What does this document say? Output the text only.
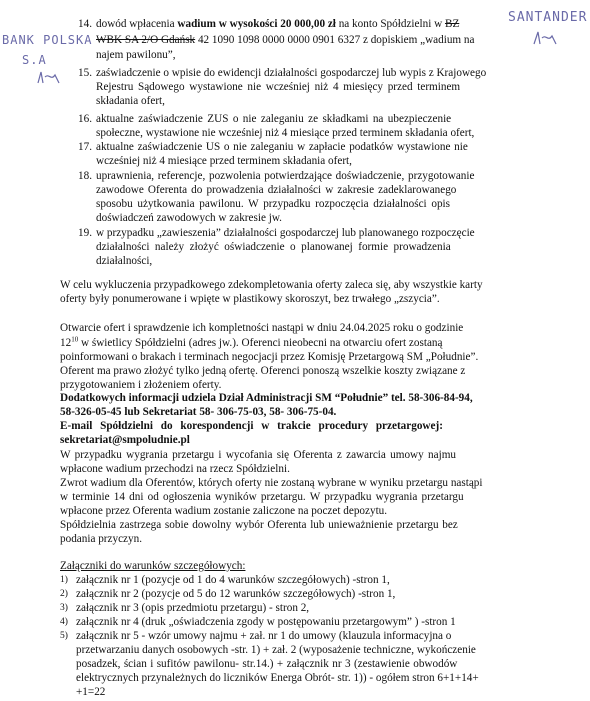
SANTANDER
BANK POLSKA
S.A
14. dowód wpłacenia wadium w wysokości 20 000,00 zł na konto Spółdzielni w BZ
WBK SA 2/O Gdańsk 42 1090 1098 0000 0000 0901 6327 z dopiskiem „wadium na
najem pawilonu”,
15. zaświadczenie o wpisie do ewidencji działalności gospodarczej lub wypis z Krajowego
Rejestru Sądowego wystawione nie wcześniej niż 4 miesięcy przed terminem
składania ofert,
16. aktualne zaświadczenie ZUS o nie zaleganiu ze składkami na ubezpieczenie
społeczne, wystawione nie wcześniej niż 4 miesiące przed terminem składania ofert,
17. aktualne zaświadczenie US o nie zaleganiu w zapłacie podatków wystawione nie
wcześniej niż 4 miesiące przed terminem składania ofert,
18. uprawnienia, referencje, pozwolenia potwierdzające doświadczenie, przygotowanie
zawodowe Oferenta do prowadzenia działalności w zakresie zadeklarowanego
sposobu użytkowania pawilonu. W przypadku rozpoczęcia działalności opis
doświadczeń zawodowych w zakresie jw.
19. w przypadku „zawieszenia” działalności gospodarczej lub planowanego rozpoczęcie
działalności należy złożyć oświadczenie o planowanej formie prowadzenia
działalności,
W celu wykluczenia przypadkowego zdekompletowania oferty zaleca się, aby wszystkie karty
oferty były ponumerowane i wpięte w plastikowy skoroszyt, bez trwałego „zszycia”.
Otwarcie ofert i sprawdzenie ich kompletności nastąpi w dniu 24.04.2025 roku o godzinie
$12^{10}$ w świetlicy Spółdzielni (adres jw.). Oferenci nieobecni na otwarciu ofert zostaną
poinformowani o brakach i terminach negocjacji przez Komisję Przetargową SM „Południe”.
Oferent ma prawo złożyć tylko jedną ofertę. Oferenci ponoszą wszelkie koszty związane z
przygotowaniem i złożeniem oferty.
Dodatkowych informacji udziela Dział Administracji SM “Południe” tel. 58-306-84-94,
58-326-05-45 lub Sekretariat 58- 306-75-03, 58- 306-75-04.
E-mail Spółdzielni do korespondencji w trakcie procedury przetargowej:
sekretariat@smpoludnie.pl
W przypadku wygrania przetargu i wycofania się Oferenta z zawarcia umowy najmu
wpłacone wadium przechodzi na rzecz Spółdzielni.
Zwrot wadium dla Oferentów, których oferty nie zostaną wybrane w wyniku przetargu nastąpi
w terminie 14 dni od ogłoszenia wyników przetargu. W przypadku wygrania przetargu
wpłacone przez Oferenta wadium zostanie zaliczone na poczet depozytu.
Spółdzielnia zastrzega sobie dowolny wybór Oferenta lub unieważnienie przetargu bez
podania przyczyn.
Załączniki do warunków szczegółowych:
1) załącznik nr 1 (pozycje od 1 do 4 warunków szczegółowych) -stron 1,
2) załącznik nr 2 (pozycje od 5 do 12 warunków szczegółowych) -stron 1,
3) załącznik nr 3 (opis przedmiotu przetargu) - stron 2,
4) załącznik nr 4 (druk „oświadczenia zgody w postępowaniu przetargowym” ) -stron 1
5) załącznik nr 5 - wzór umowy najmu + zał. nr 1 do umowy (klauzula informacyjna o
przetwarzaniu danych osobowych -str. 1) + zał. 2 (wyposażenie techniczne, wykończenie
posadzek, ścian i sufitów pawilonu- str.14.) + załącznik nr 3 (zestawienie obwodów
elektrycznych przynależnych do liczników Energa Obrót- str. 1)) - ogółem stron 6+1+14+
+1=22
